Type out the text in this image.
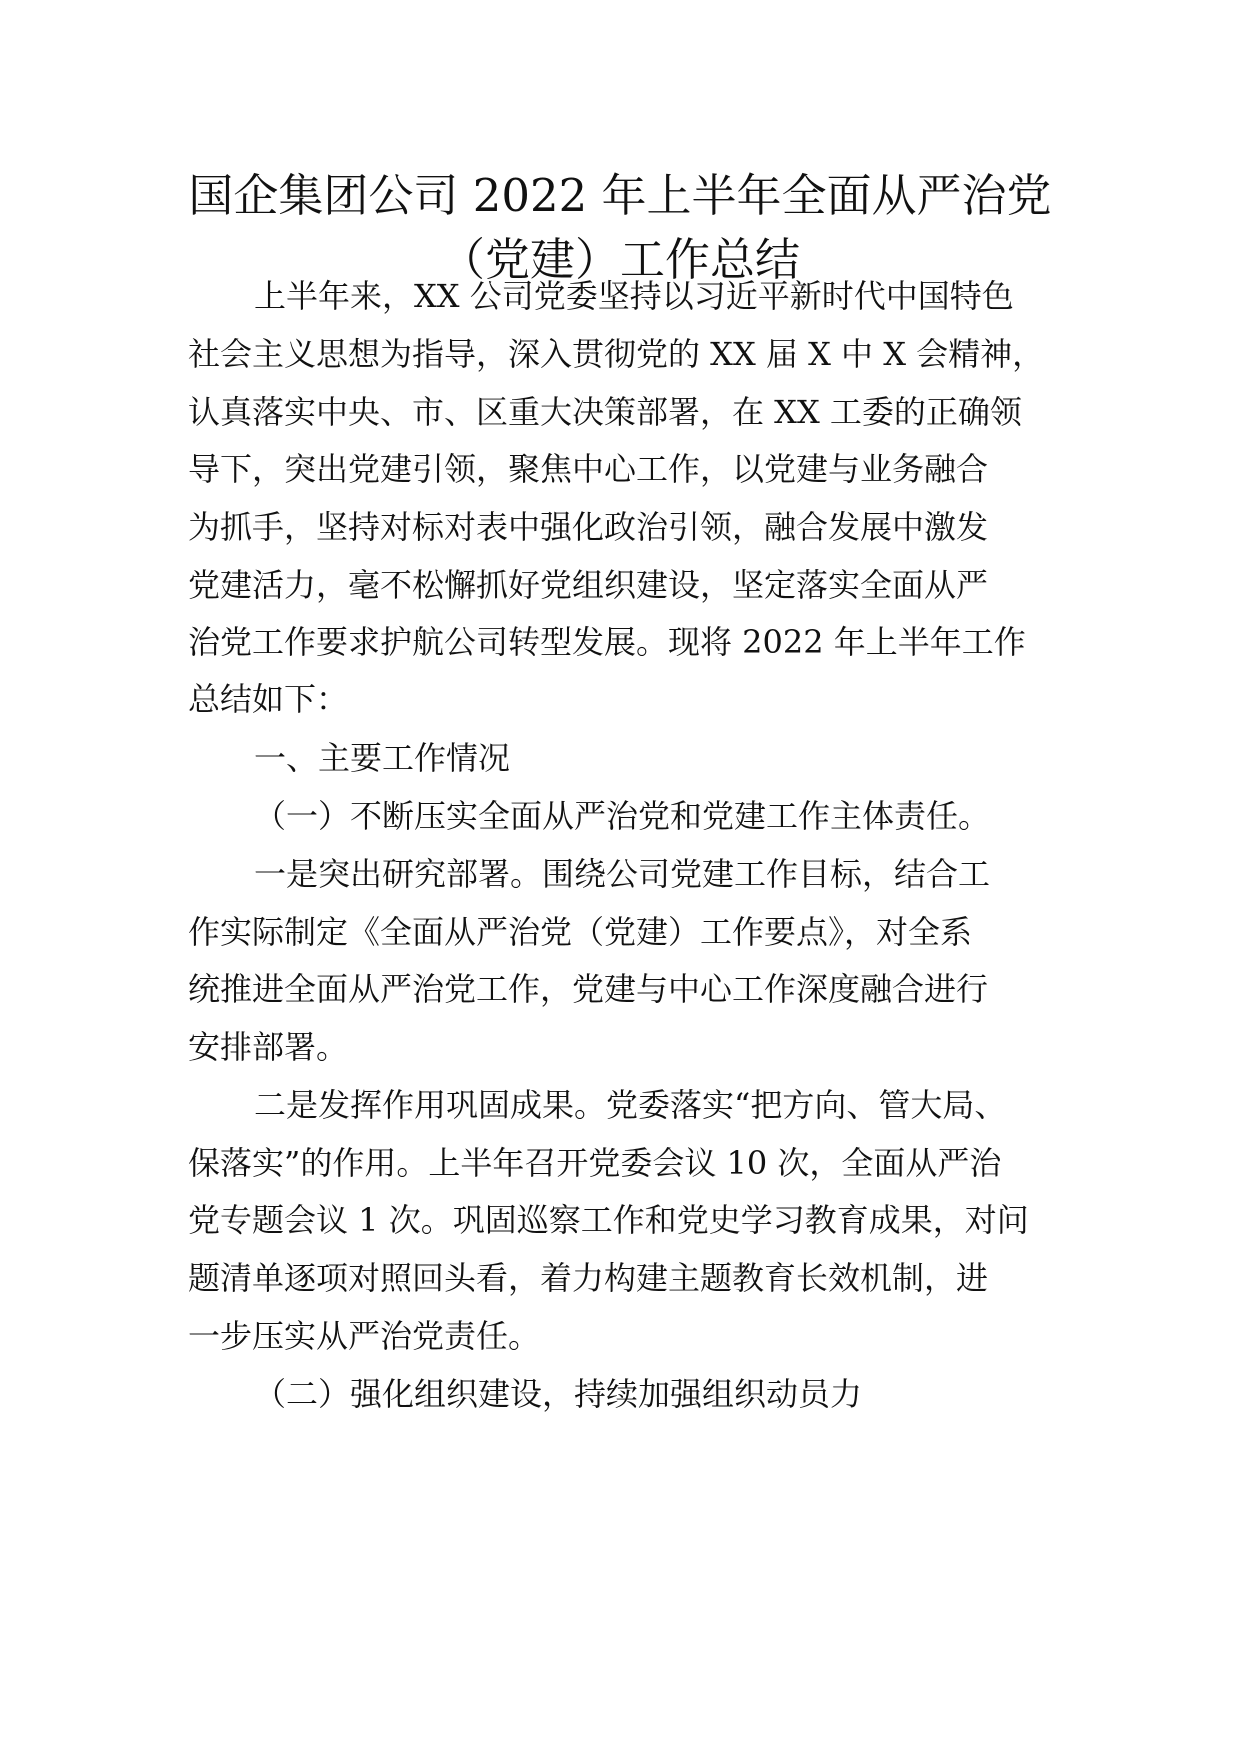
国企集团公司 2022 年上半年全面从严治党
（党建）工作总结

上半年来，XX 公司党委坚持以习近平新时代中国特色

社会主义思想为指导，深入贯彻党的 XX 届 X 中 X 会精神，

认真落实中央、市、区重大决策部署，在 XX 工委的正确领

导下，突出党建引领，聚焦中心工作，以党建与业务融合

为抓手，坚持对标对表中强化政治引领，融合发展中激发

党建活力，毫不松懈抓好党组织建设，坚定落实全面从严

治党工作要求护航公司转型发展。现将 2022 年上半年工作

总结如下：

一、主要工作情况

（一）不断压实全面从严治党和党建工作主体责任。

一是突出研究部署。围绕公司党建工作目标，结合工

作实际制定《全面从严治党（党建）工作要点》，对全系

统推进全面从严治党工作，党建与中心工作深度融合进行

安排部署。

二是发挥作用巩固成果。党委落实“把方向、管大局、

保落实”的作用。上半年召开党委会议 10 次，全面从严治

党专题会议 1 次。巩固巡察工作和党史学习教育成果，对问

题清单逐项对照回头看，着力构建主题教育长效机制，进

一步压实从严治党责任。

（二）强化组织建设，持续加强组织动员力
